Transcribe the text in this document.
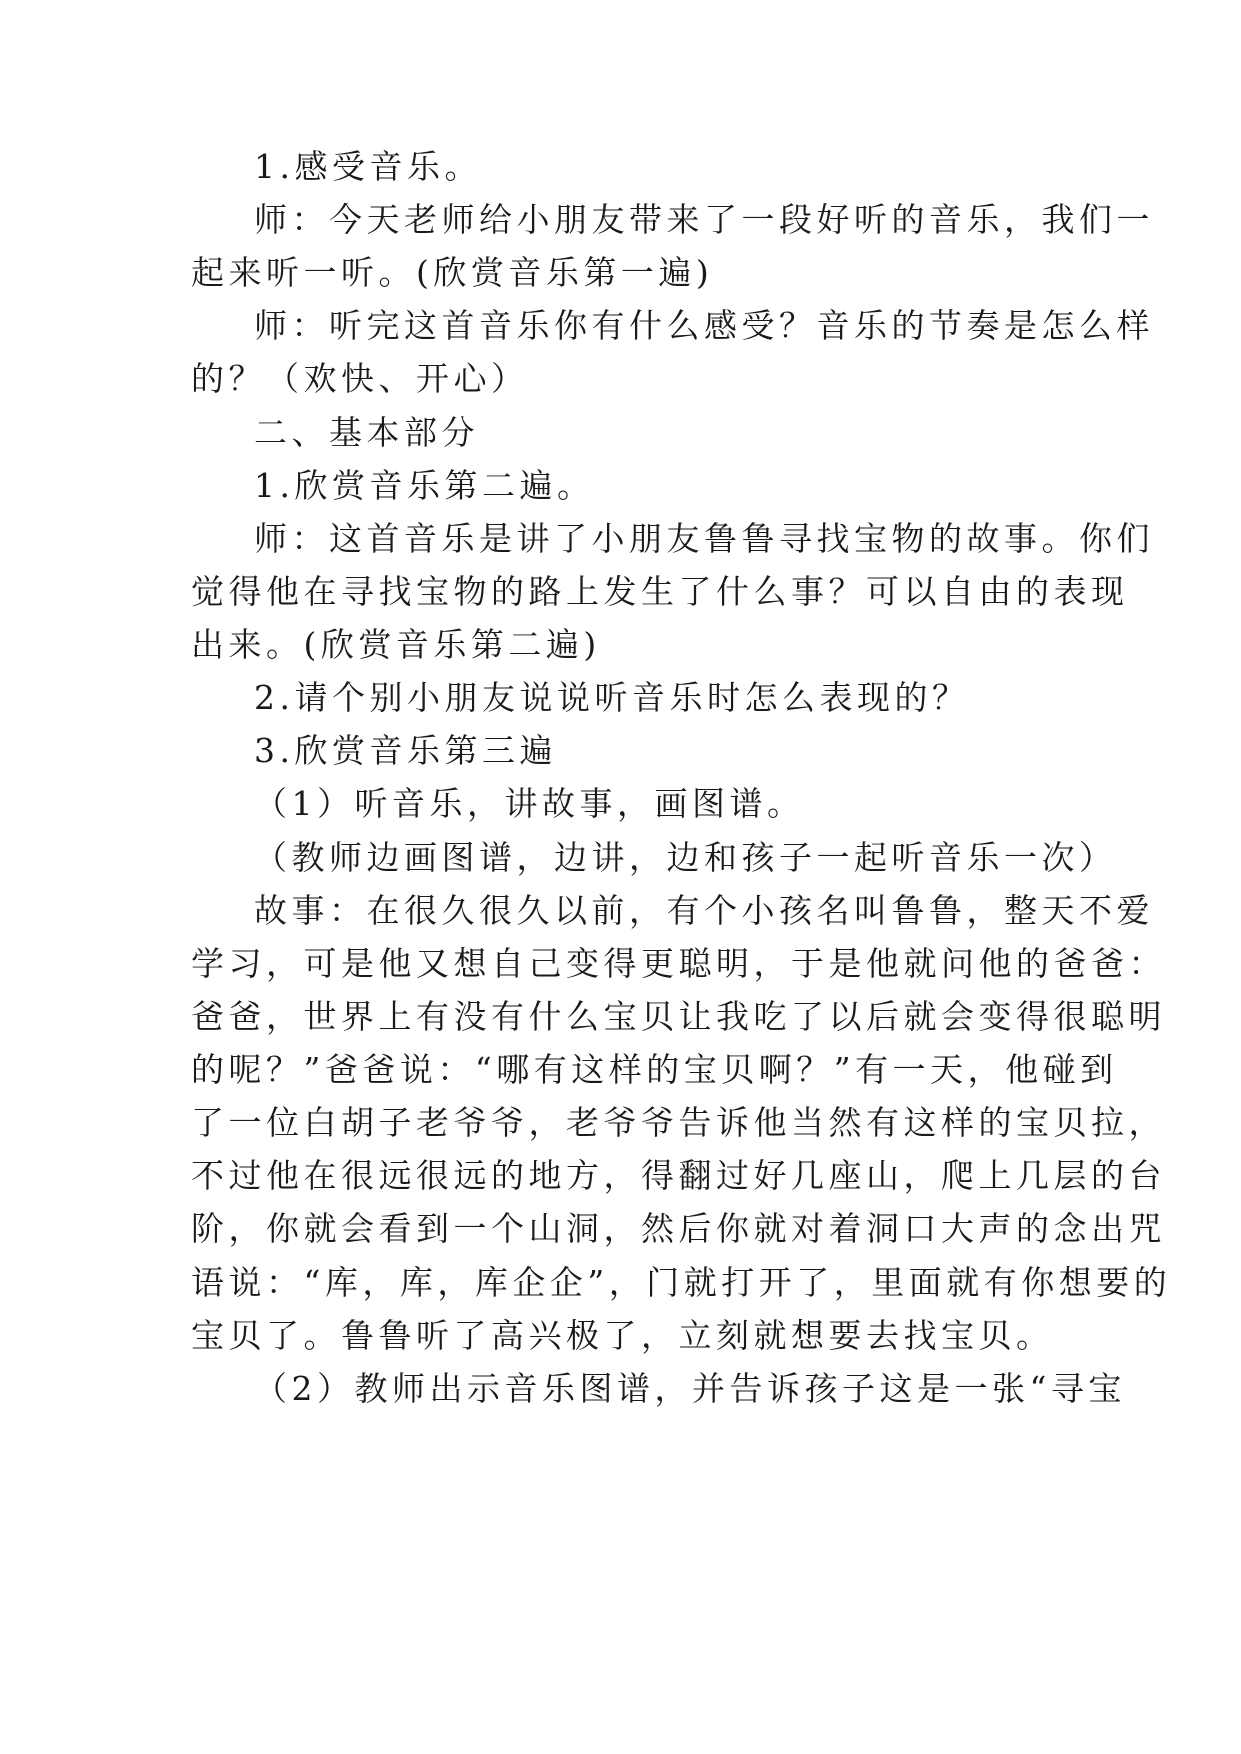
1.感受音乐。
师：今天老师给小朋友带来了一段好听的音乐，我们一
起来听一听。(欣赏音乐第一遍)
师：听完这首音乐你有什么感受？音乐的节奏是怎么样
的？（欢快、开心）
二、基本部分
1.欣赏音乐第二遍。
师：这首音乐是讲了小朋友鲁鲁寻找宝物的故事。你们
觉得他在寻找宝物的路上发生了什么事？可以自由的表现
出来。(欣赏音乐第二遍)
2.请个别小朋友说说听音乐时怎么表现的？
3.欣赏音乐第三遍
（1）听音乐，讲故事，画图谱。
（教师边画图谱，边讲，边和孩子一起听音乐一次）
故事：在很久很久以前，有个小孩名叫鲁鲁，整天不爱
学习，可是他又想自己变得更聪明，于是他就问他的爸爸：
爸爸，世界上有没有什么宝贝让我吃了以后就会变得很聪明
的呢？”爸爸说：“哪有这样的宝贝啊？”有一天，他碰到
了一位白胡子老爷爷，老爷爷告诉他当然有这样的宝贝拉，
不过他在很远很远的地方，得翻过好几座山，爬上几层的台
阶，你就会看到一个山洞，然后你就对着洞口大声的念出咒
语说：“库，库，库企企”，门就打开了，里面就有你想要的
宝贝了。鲁鲁听了高兴极了，立刻就想要去找宝贝。
（2）教师出示音乐图谱，并告诉孩子这是一张“寻宝
